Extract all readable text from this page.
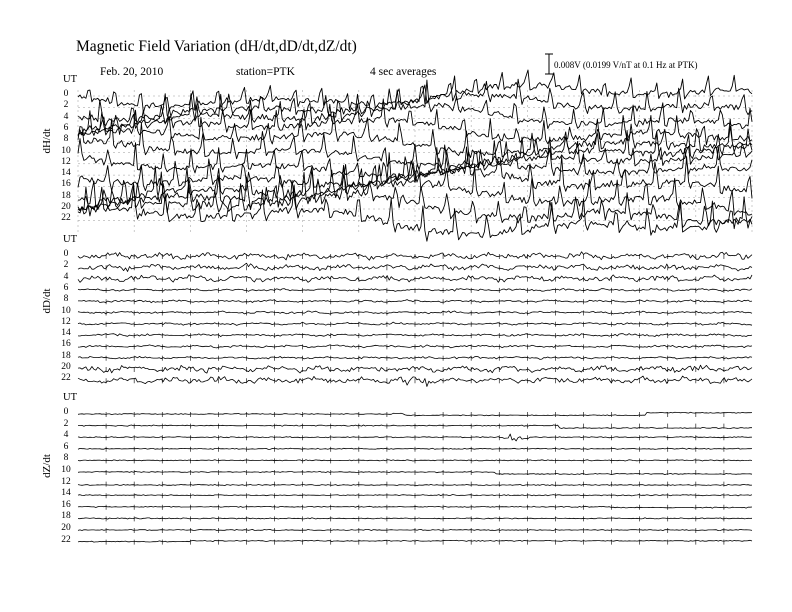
Magnetic Field Variation (dH/dt,dD/dt,dZ/dt)
Feb. 20, 2010	station=PTK	4 sec averages
0.008V (0.0199 V/nT at 0.1 Hz at PTK)
dH/dt
UT
0
2
4
6
8
10
12
14
16
18
20
22
dD/dt
UT
0
2
4
6
8
10
12
14
16
18
20
22
dZ/dt
UT
0
2
4
6
8
10
12
14
16
18
20
22
